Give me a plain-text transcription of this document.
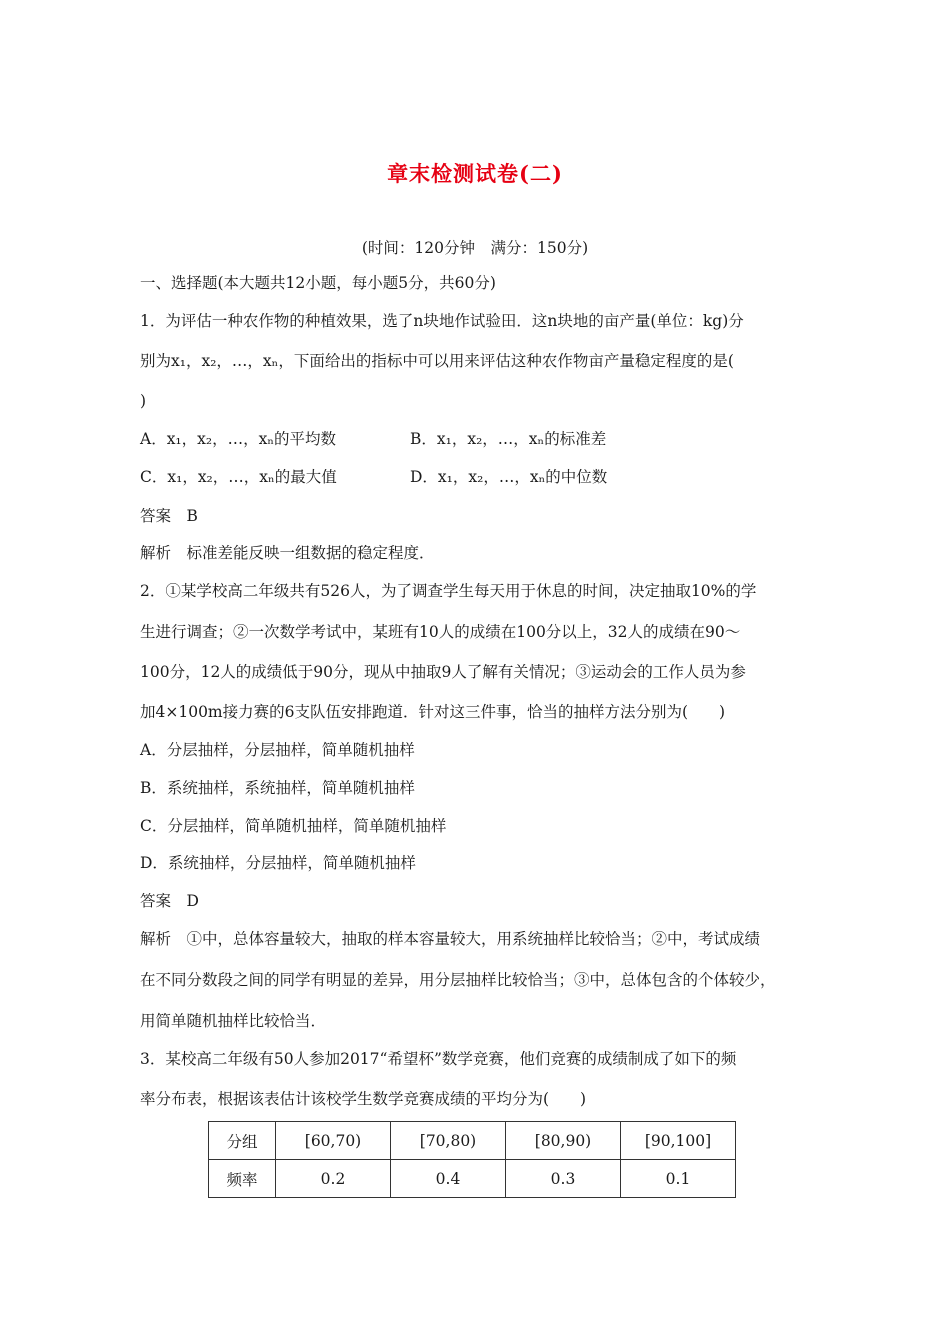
章末检测试卷(二)
(时间：120分钟　满分：150分)
一、选择题(本大题共12小题，每小题5分，共60分)
1．为评估一种农作物的种植效果，选了n块地作试验田．这n块地的亩产量(单位：kg)分
别为x₁，x₂，…，xₙ，下面给出的指标中可以用来评估这种农作物亩产量稳定程度的是(
)
A．x₁，x₂，…，xₙ的平均数	B．x₁，x₂，…，xₙ的标准差
C．x₁，x₂，…，xₙ的最大值	D．x₁，x₂，…，xₙ的中位数
答案　B
解析　标准差能反映一组数据的稳定程度．
2．①某学校高二年级共有526人，为了调查学生每天用于休息的时间，决定抽取10%的学
生进行调查；②一次数学考试中，某班有10人的成绩在100分以上，32人的成绩在90～
100分，12人的成绩低于90分，现从中抽取9人了解有关情况；③运动会的工作人员为参
加4×100m接力赛的6支队伍安排跑道．针对这三件事，恰当的抽样方法分别为(　　)
A．分层抽样，分层抽样，简单随机抽样
B．系统抽样，系统抽样，简单随机抽样
C．分层抽样，简单随机抽样，简单随机抽样
D．系统抽样，分层抽样，简单随机抽样
答案　D
解析　①中，总体容量较大，抽取的样本容量较大，用系统抽样比较恰当；②中，考试成绩
在不同分数段之间的同学有明显的差异，用分层抽样比较恰当；③中，总体包含的个体较少，
用简单随机抽样比较恰当．
3．某校高二年级有50人参加2017“希望杯”数学竞赛，他们竞赛的成绩制成了如下的频
率分布表，根据该表估计该校学生数学竞赛成绩的平均分为(　　)
分组	[60,70)	[70,80)	[80,90)	[90,100]
频率	0.2	0.4	0.3	0.1
